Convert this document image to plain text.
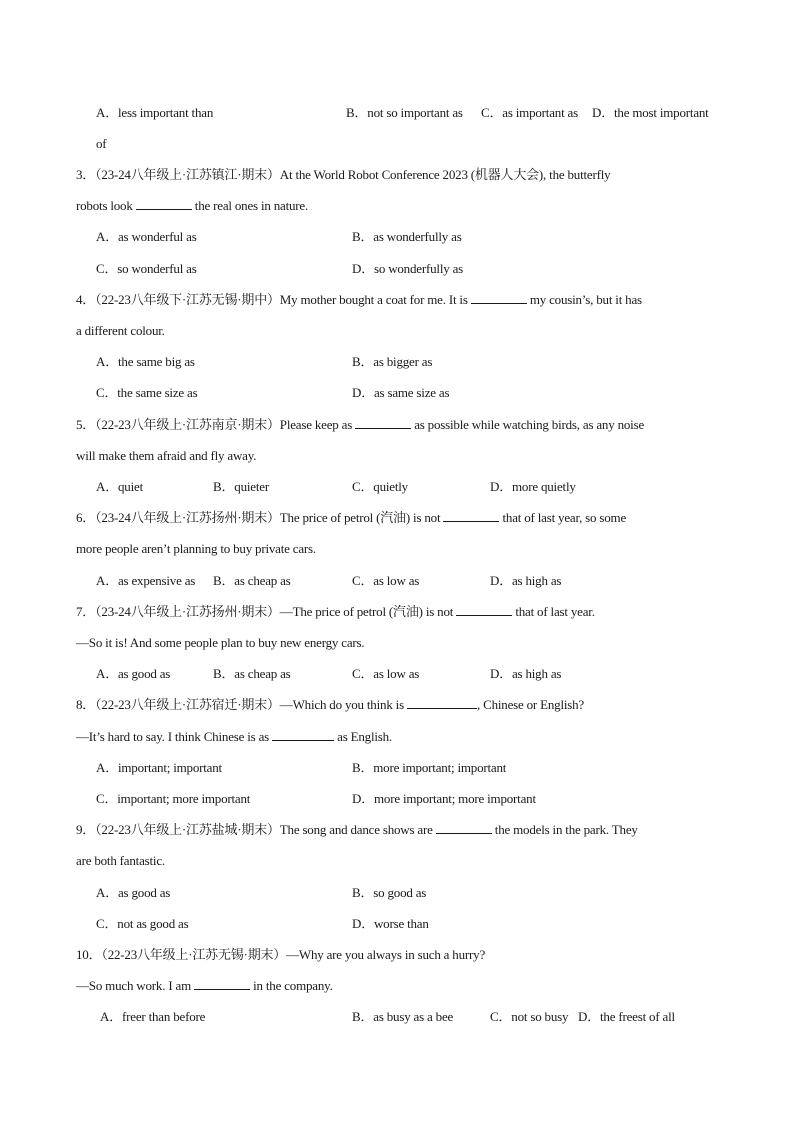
A．less important than	B．not so important as C．as important as D．the most important
of
3．（23-24八年级上·江苏镇江·期末）At the World Robot Conference 2023 (机器人大会), the butterfly
robots look	the real ones in nature.
A．as wonderful as	B．as wonderfully as
C．so wonderful as	D．so wonderfully as
4．（22-23八年级下·江苏无锡·期中）My mother bought a coat for me. It is	my cousin’s, but it has
a different colour.
A．the same big as	B．as bigger as
C．the same size as	D．as same size as
5．（22-23八年级上·江苏南京·期末）Please keep as	as possible while watching birds, as any noise
will make them afraid and fly away.
A．quiet	B．quieter	C．quietly	D．more quietly
6．（23-24八年级上·江苏扬州·期末）The price of petrol (汽油) is not	that of last year, so some
more people aren’t planning to buy private cars.
A．as expensive as B．as cheap as	C．as low as	D．as high as
7．（23-24八年级上·江苏扬州·期末）—The price of petrol (汽油) is not	that of last year.
—So it is! And some people plan to buy new energy cars.
A．as good as	B．as cheap as	C．as low as	D．as high as
8．（22-23八年级上·江苏宿迁·期末）—Which do you think is	, Chinese or English?
—It’s hard to say. I think Chinese is as	as English.
A．important; important	B．more important; important
C．important; more important	D．more important; more important
9．（22-23八年级上·江苏盐城·期末）The song and dance shows are	the models in the park. They
are both fantastic.
A．as good as	B．so good as
C．not as good as	D．worse than
10．（22-23八年级上·江苏无锡·期末）—Why are you always in such a hurry?
—So much work. I am	in the company.
A．freer than before	B．as busy as a bee	C．not so busy D．the freest of all
